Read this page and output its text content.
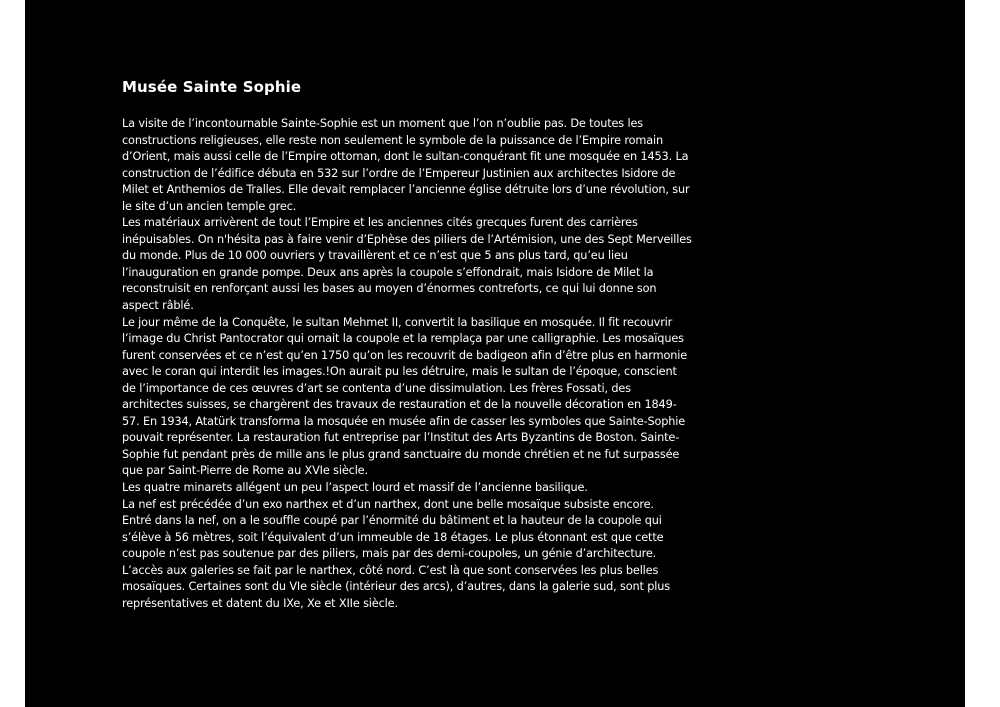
Musée Sainte Sophie

La visite de l’incontournable Sainte-Sophie est un moment que l’on n’oublie pas. De toutes les constructions religieuses, elle reste non seulement le symbole de la puissance de l’Empire romain d’Orient, mais aussi celle de l’Empire ottoman, dont le sultan-conquérant fit une mosquée en 1453. La construction de l’édifice débuta en 532 sur l’ordre de l’Empereur Justinien aux architectes Isidore de Milet et Anthemios de Tralles. Elle devait remplacer l’ancienne église détruite lors d’une révolution, sur le site d’un ancien temple grec.

Les matériaux arrivèrent de tout l’Empire et les anciennes cités grecques furent des carrières inépuisables. On n'hésita pas à faire venir d’Ephèse des piliers de l’Artémision, une des Sept Merveilles du monde. Plus de 10 000 ouvriers y travaillèrent et ce n’est que 5 ans plus tard, qu’eu lieu l’inauguration en grande pompe. Deux ans après la coupole s’effondrait, mais Isidore de Milet la reconstruisit en renforçant aussi les bases au moyen d’énormes contreforts, ce qui lui donne son aspect râblé.

Le jour même de la Conquête, le sultan Mehmet II, convertit la basilique en mosquée. Il fit recouvrir l’image du Christ Pantocrator qui ornait la coupole et la remplaça par une calligraphie. Les mosaïques furent conservées et ce n’est qu’en 1750 qu’on les recouvrit de badigeon afin d’être plus en harmonie avec le coran qui interdit les images.!On aurait pu les détruire, mais le sultan de l’époque, conscient de l’importance de ces œuvres d’art se contenta d’une dissimulation. Les frères Fossati, des architectes suisses, se chargèrent des travaux de restauration et de la nouvelle décoration en 1849-57. En 1934, Atatürk transforma la mosquée en musée afin de casser les symboles que Sainte-Sophie pouvait représenter. La restauration fut entreprise par l’Institut des Arts Byzantins de Boston. Sainte-Sophie fut pendant près de mille ans le plus grand sanctuaire du monde chrétien et ne fut surpassée que par Saint-Pierre de Rome au XVIe siècle.

Les quatre minarets allégent un peu l’aspect lourd et massif de l’ancienne basilique.

La nef est précédée d’un exo narthex et d’un narthex, dont une belle mosaïque subsiste encore.

Entré dans la nef, on a le souffle coupé par l’énormité du bâtiment et la hauteur de la coupole qui s’élève à 56 mètres, soit l’équivalent d’un immeuble de 18 étages. Le plus étonnant est que cette coupole n’est pas soutenue par des piliers, mais par des demi-coupoles, un génie d’architecture.

L’accès aux galeries se fait par le narthex, côté nord. C’est là que sont conservées les plus belles mosaïques. Certaines sont du VIe siècle (intérieur des arcs), d’autres, dans la galerie sud, sont plus représentatives et datent du IXe, Xe et XIIe siècle.
